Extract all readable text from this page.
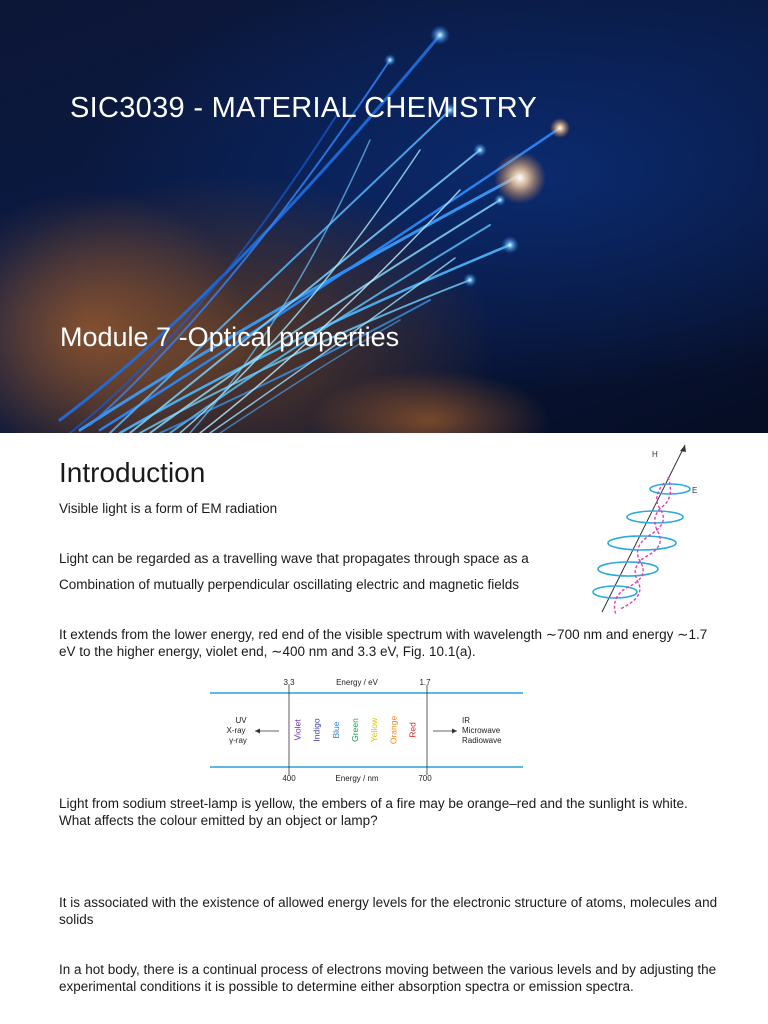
SIC3039 - MATERIAL CHEMISTRY
Module 7 -Optical properties
Introduction
Visible light is a form of EM radiation
Light can be regarded as a travelling wave that propagates through space as a
Combination of mutually perpendicular oscillating electric and magnetic fields
It extends from the lower energy, red end of the visible spectrum with wavelength ∼700 nm and energy ∼1.7 eV to the higher energy, violet end, ∼400 nm and 3.3 eV, Fig. 10.1(a).
Light from sodium street-lamp is yellow, the embers of a fire may be orange–red and the sunlight is white. What affects the colour emitted by an object or lamp?
It is associated with the existence of allowed energy levels for the electronic structure of atoms, molecules and solids
In a hot body, there is a continual process of electrons moving between the various levels and by adjusting the experimental conditions it is possible to determine either absorption spectra or emission spectra.
H
E
3.3	Energy / eV	1.7
400	Energy / nm	700
UV
X-ray
γ-ray
IR
Microwave
Radiowave
Violet Indigo Blue Green Yellow Orange Red
